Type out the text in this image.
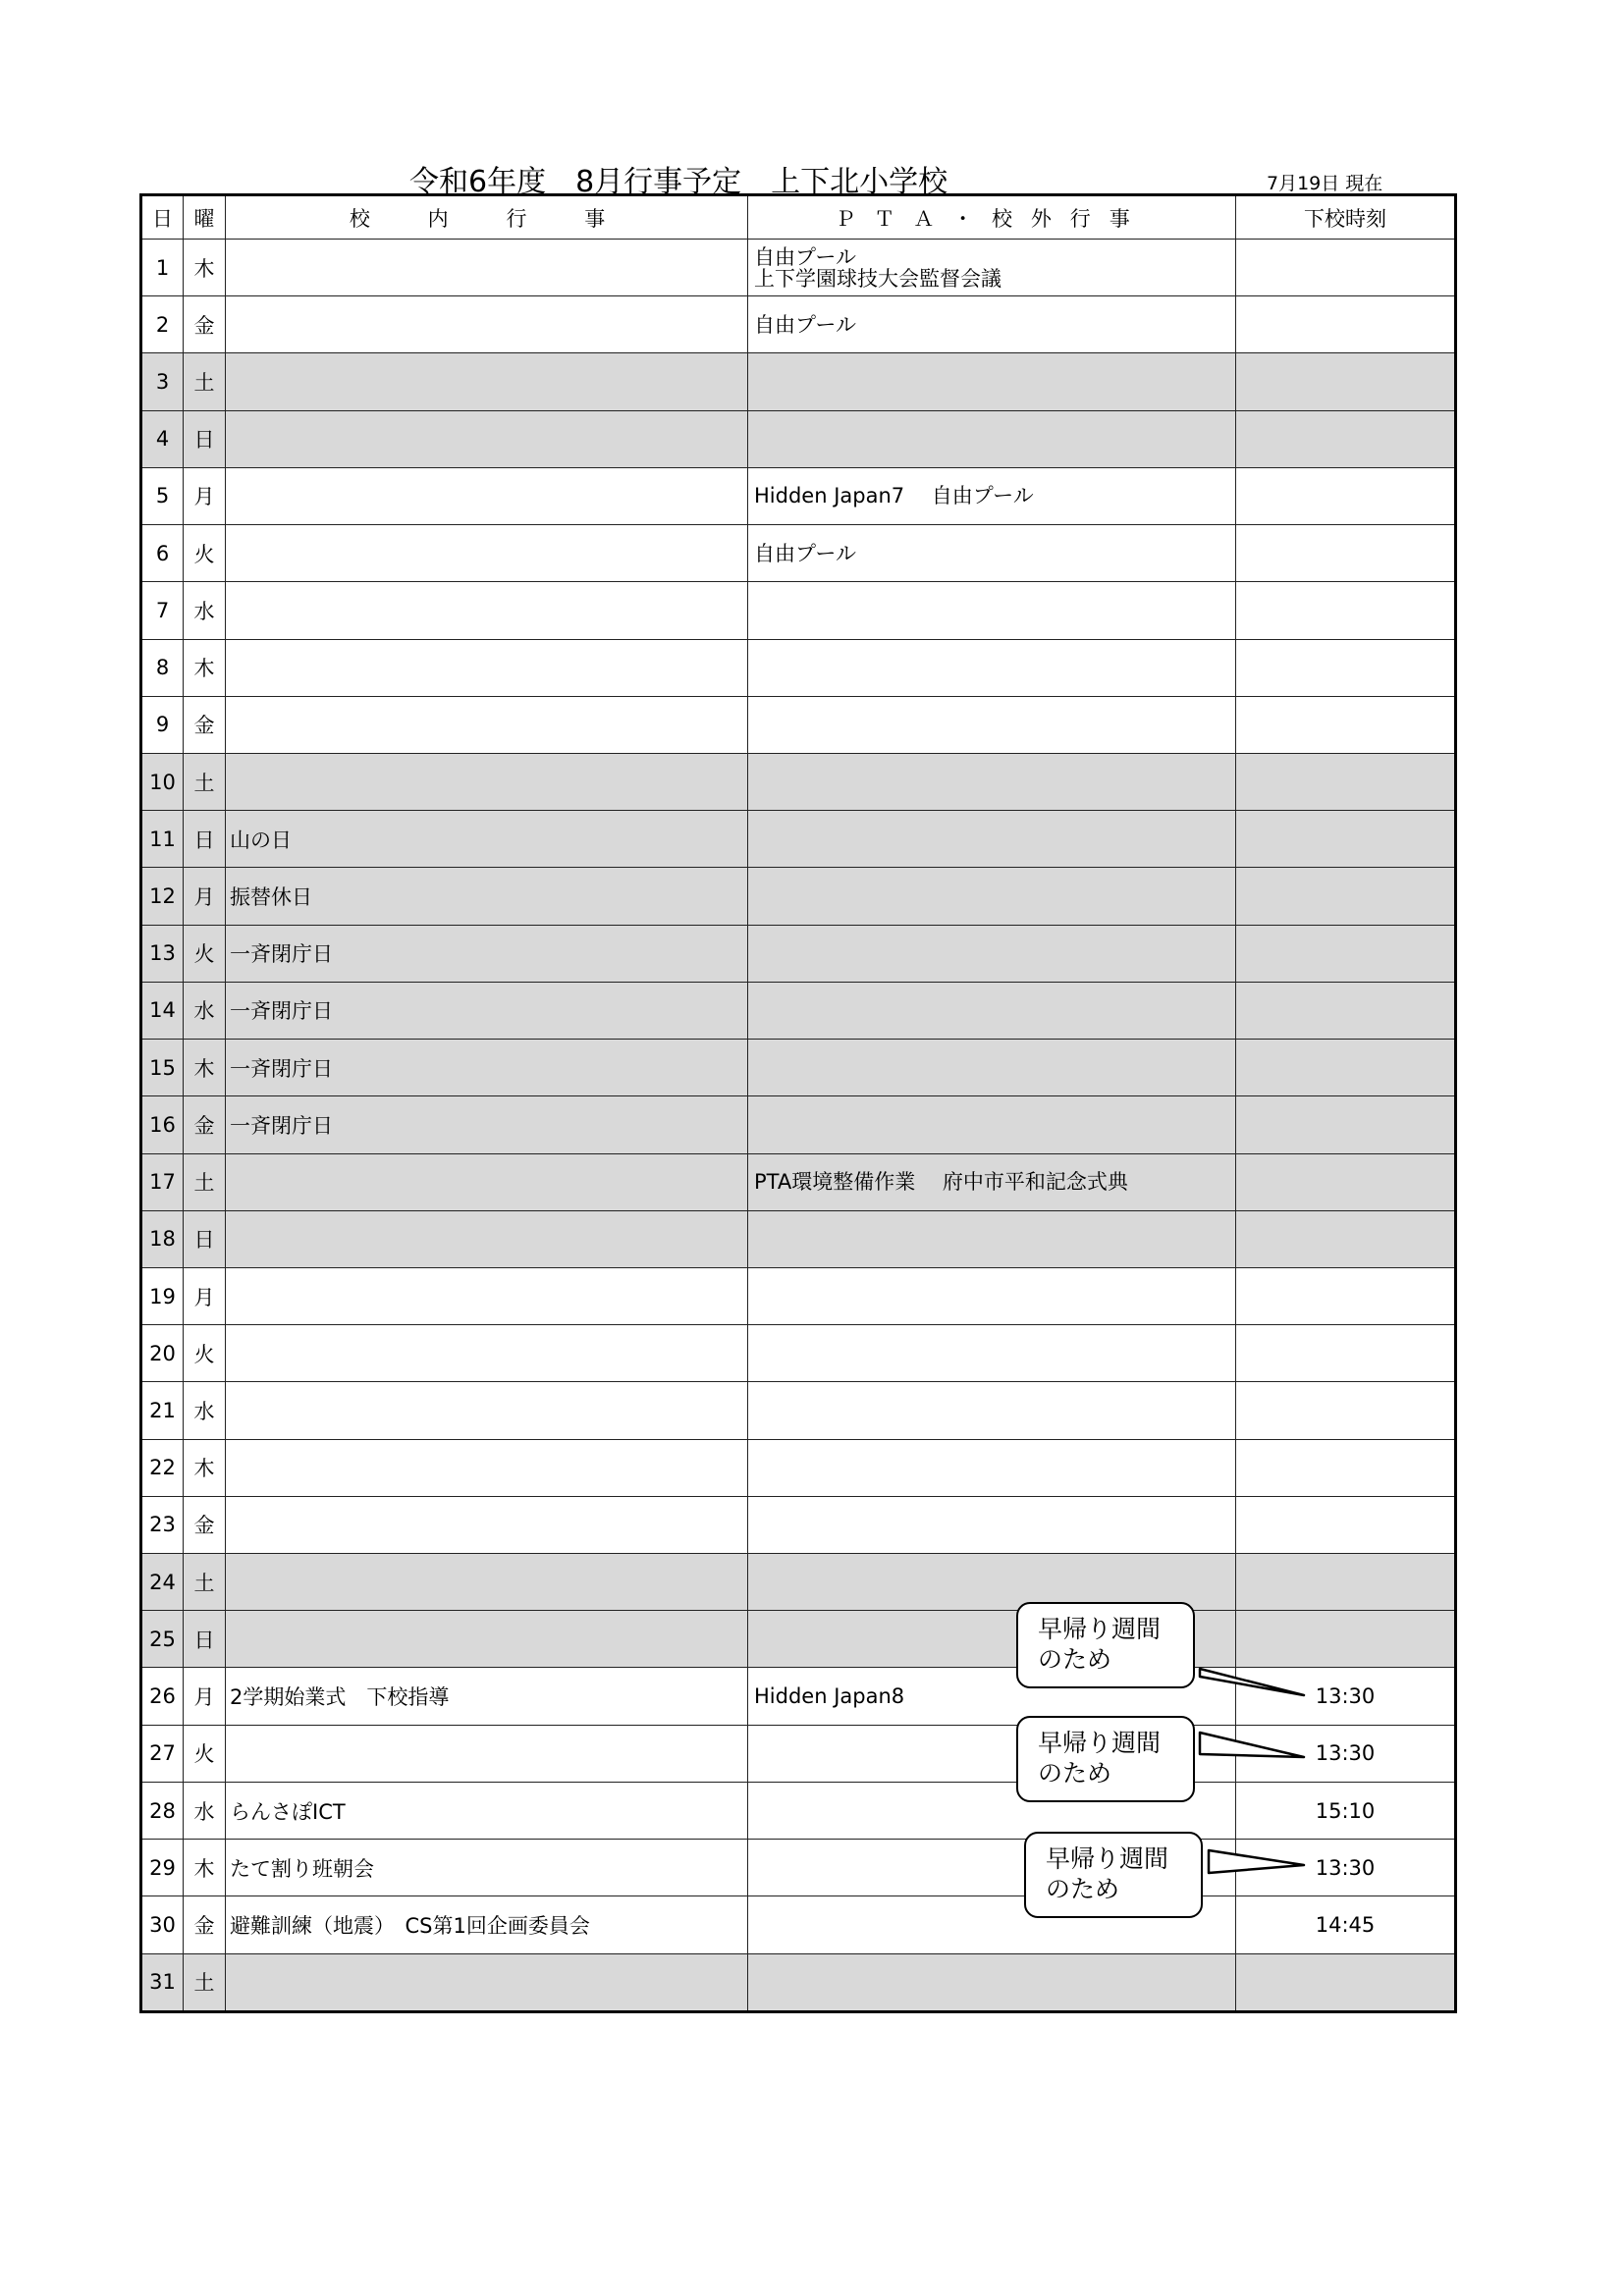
令和6年度　8月行事予定　上下北小学校	7月19日 現在
日	曜	校　内　行　事	ＰＴＡ・校外行事	下校時刻
1	木		自由プール
上下学園球技大会監督会議	

2	金		自由プール	

3	土			
4	日			
5	月		Hidden Japan7　 自由プール	

6	火		自由プール	

7	水			
8	木			
9	金			
10	土			
11	日	山の日		
12	月	振替休日		
13	火	一斉閉庁日		
14	水	一斉閉庁日		
15	木	一斉閉庁日		
16	金	一斉閉庁日		
17	土		PTA環境整備作業　 府中市平和記念式典	

18	日			
19	月			
20	火			
21	水			
22	木			
23	金			
24	土			
25	日			
26	月	2学期始業式　下校指導	Hidden Japan8	13:30
27	火			13:30
28	水	らんさぽICT		15:10
29	木	たて割り班朝会		13:30
30	金	避難訓練（地震）　CS第1回企画委員会		14:45
31	土			
早帰り週間
のため
早帰り週間
のため
早帰り週間
のため
